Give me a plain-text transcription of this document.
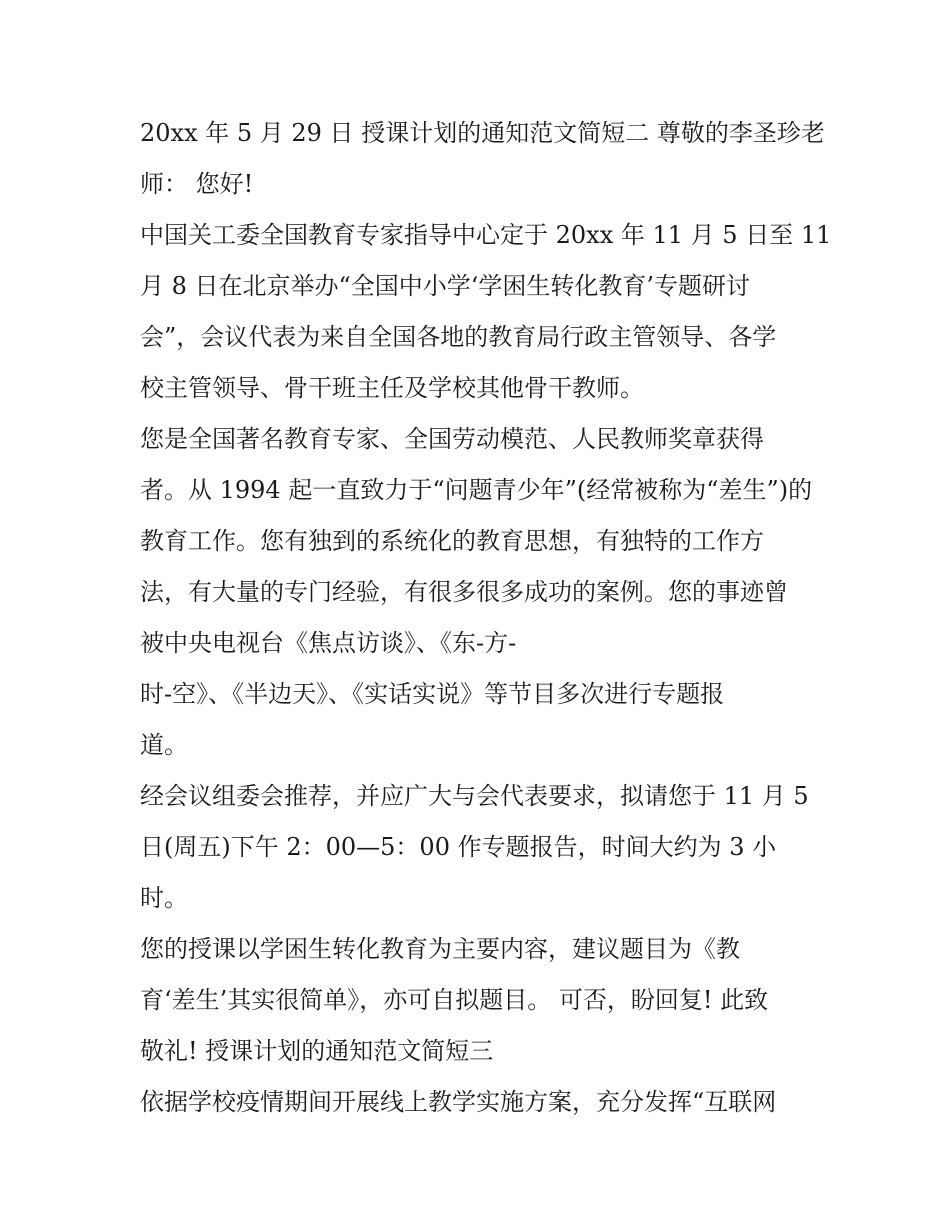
20xx 年 5 月 29 日 授课计划的通知范文简短二 尊敬的李圣珍老
师： 您好!
中国关工委全国教育专家指导中心定于 20xx 年 11 月 5 日至 11
月 8 日在北京举办“全国中小学‘学困生转化教育’专题研讨
会”，会议代表为来自全国各地的教育局行政主管领导、各学
校主管领导、骨干班主任及学校其他骨干教师。
您是全国著名教育专家、全国劳动模范、人民教师奖章获得
者。从 1994 起一直致力于“问题青少年”(经常被称为“差生”)的
教育工作。您有独到的系统化的教育思想，有独特的工作方
法，有大量的专门经验，有很多很多成功的案例。您的事迹曾
被中央电视台《焦点访谈》、《东-方-
时-空》、《半边天》、《实话实说》等节目多次进行专题报
道。
经会议组委会推荐，并应广大与会代表要求，拟请您于 11 月 5
日(周五)下午 2：00—5：00 作专题报告，时间大约为 3 小
时。
您的授课以学困生转化教育为主要内容，建议题目为《教
育‘差生’其实很简单》，亦可自拟题目。 可否，盼回复! 此致
敬礼! 授课计划的通知范文简短三
依据学校疫情期间开展线上教学实施方案，充分发挥“互联网
